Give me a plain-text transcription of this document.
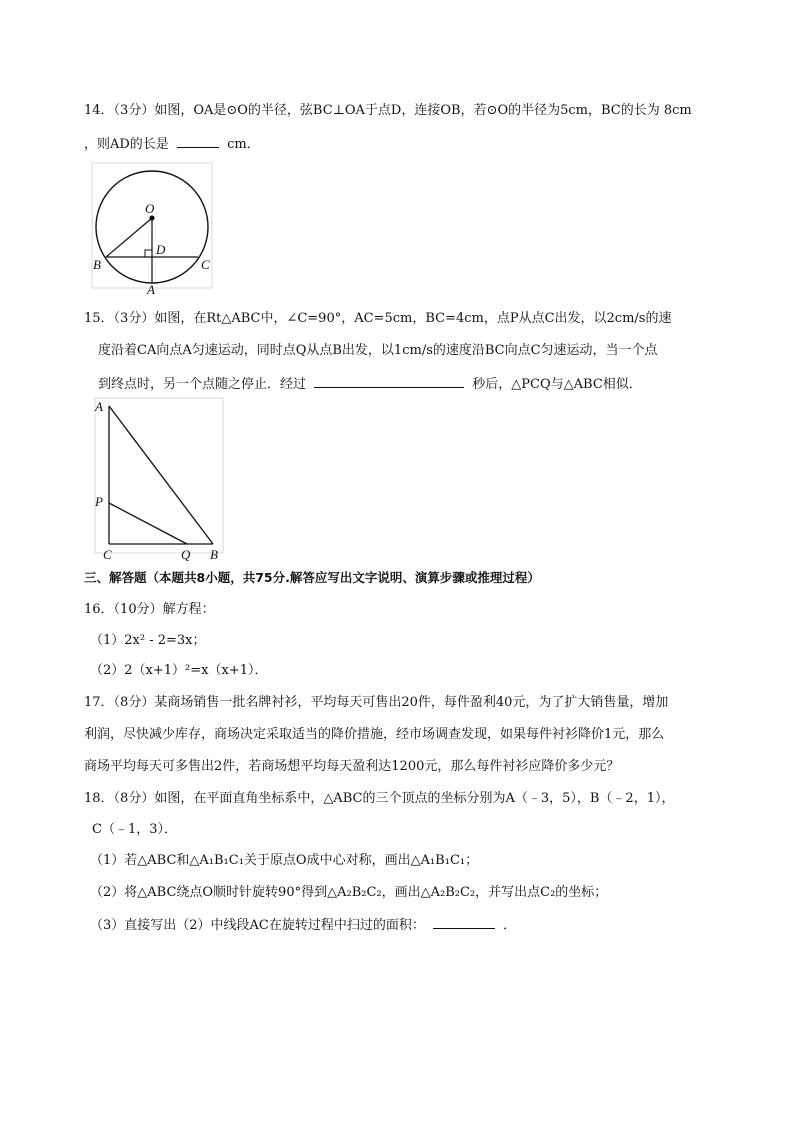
14．（3分）如图，OA是⊙O的半径，弦BC⊥OA于点D，连接OB，若⊙O的半径为5cm，BC的长为 8cm
，则AD的长是	cm．
O
D
B	C
A
15．（3分）如图，在Rt△ABC中，∠C=90°，AC=5cm，BC=4cm，点P从点C出发，以2cm/s的速
度沿着CA向点A匀速运动，同时点Q从点B出发，以1cm/s的速度沿BC向点C匀速运动，当一个点
到终点时，另一个点随之停止．经过	秒后，△PCQ与△ABC相似．
A
P
C	Q B
三、解答题（本题共8小题，共75分.解答应写出文字说明、演算步骤或推理过程）
16．（10分）解方程：
（1）2x² - 2=3x；
（2）2（x+1）²=x（x+1）．
17．（8分）某商场销售一批名牌衬衫，平均每天可售出20件，每件盈利40元，为了扩大销售量，增加
利润，尽快减少库存，商场决定采取适当的降价措施，经市场调查发现，如果每件衬衫降价1元，那么
商场平均每天可多售出2件，若商场想平均每天盈利达1200元，那么每件衬衫应降价多少元？
18．（8分）如图，在平面直角坐标系中，△ABC的三个顶点的坐标分别为A（﹣3，5），B（﹣2，1），
C（﹣1，3）．
（1）若△ABC和△A₁B₁C₁关于原点O成中心对称，画出△A₁B₁C₁；
（2）将△ABC绕点O顺时针旋转90°得到△A₂B₂C₂，画出△A₂B₂C₂，并写出点C₂的坐标；
（3）直接写出（2）中线段AC在旋转过程中扫过的面积：	．
